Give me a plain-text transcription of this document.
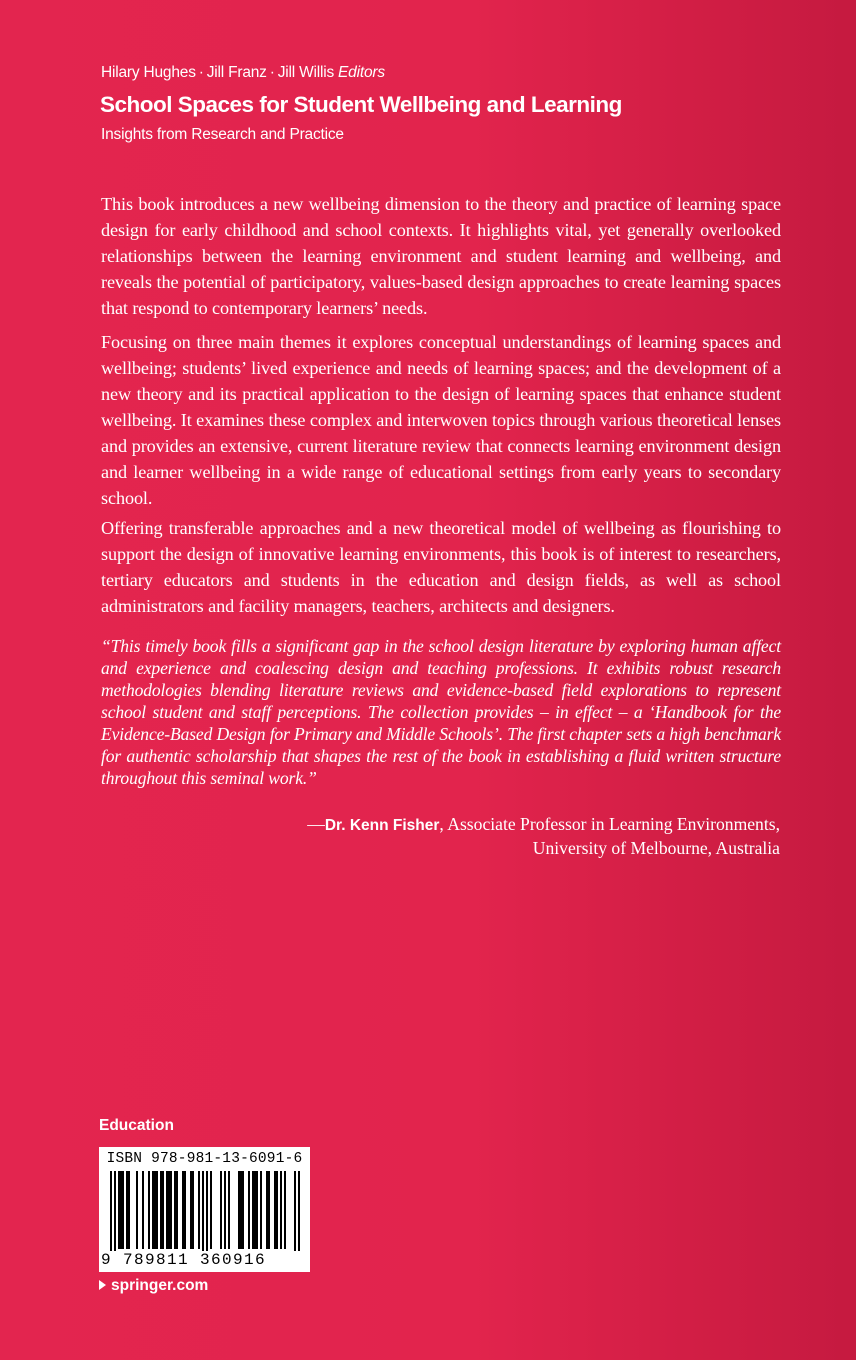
Hilary Hughes · Jill Franz · Jill Willis Editors
School Spaces for Student Wellbeing and Learning
Insights from Research and Practice

This book introduces a new wellbeing dimension to the theory and practice of learning space design for early childhood and school contexts. It highlights vital, yet generally overlooked relationships between the learning environment and student learning and wellbeing, and reveals the potential of participatory, values-based design approaches to create learning spaces that respond to contemporary learners’ needs.

Focusing on three main themes it explores conceptual understandings of learning spaces and wellbeing; students’ lived experience and needs of learning spaces; and the development of a new theory and its practical application to the design of learning spaces that enhance student wellbeing. It examines these complex and interwoven topics through various theoretical lenses and provides an extensive, current literature review that connects learning environment design and learner wellbeing in a wide range of educational settings from early years to secondary school.

Offering transferable approaches and a new theoretical model of wellbeing as flourishing to support the design of innovative learning environments, this book is of interest to researchers, tertiary educators and students in the education and design fields, as well as school administrators and facility managers, teachers, architects and designers.

“This timely book fills a significant gap in the school design literature by exploring human affect and experience and coalescing design and teaching professions. It exhibits robust research methodologies blending literature reviews and evidence-based field explorations to represent school student and staff perceptions. The collection provides – in effect – a ‘Handbook for the Evidence-Based Design for Primary and Middle Schools’. The first chapter sets a high benchmark for authentic scholarship that shapes the rest of the book in establishing a fluid written structure throughout this seminal work.”

—Dr. Kenn Fisher, Associate Professor in Learning Environments,
University of Melbourne, Australia
Education
ISBN 978-981-13-6091-6
9 789811 360916
springer.com
